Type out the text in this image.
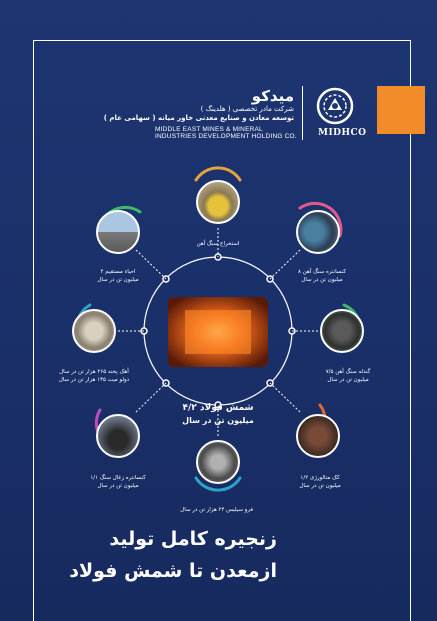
MIDHCO
میدکو
شرکت مادر تخصصی ( هلدینگ )
توسعه معادن و صنایع معدنی خاور میانه ( سهامی عام )
MIDDLE EAST MINES & MINERAL
INDUSTRIES DEVELOPMENT HOLDING CO.
استخراج سنگ آهن
کنسانتره سنگ آهن ۸
میلیون تن در سال
گندله سنگ آهن ۷/۵
میلیون تن در سال
کک متالورژی ۱/۲
میلیون تن در سال
فرو سیلیس ۲۴ هزار تن در سال
کنسانتره زغال سنگ ۱/۱
میلیون تن در سال
آهک پخته ۲۶۵ هزار تن در سال
دولو میت ۱۳۵ هزار تن در سال
احیاء مستقیم ۴
میلیون تن در سال
شمش فولاد ۴/۲
میلیون تن در سال
زنجیره کامل تولید
ازمعدن تا شمش فولاد
